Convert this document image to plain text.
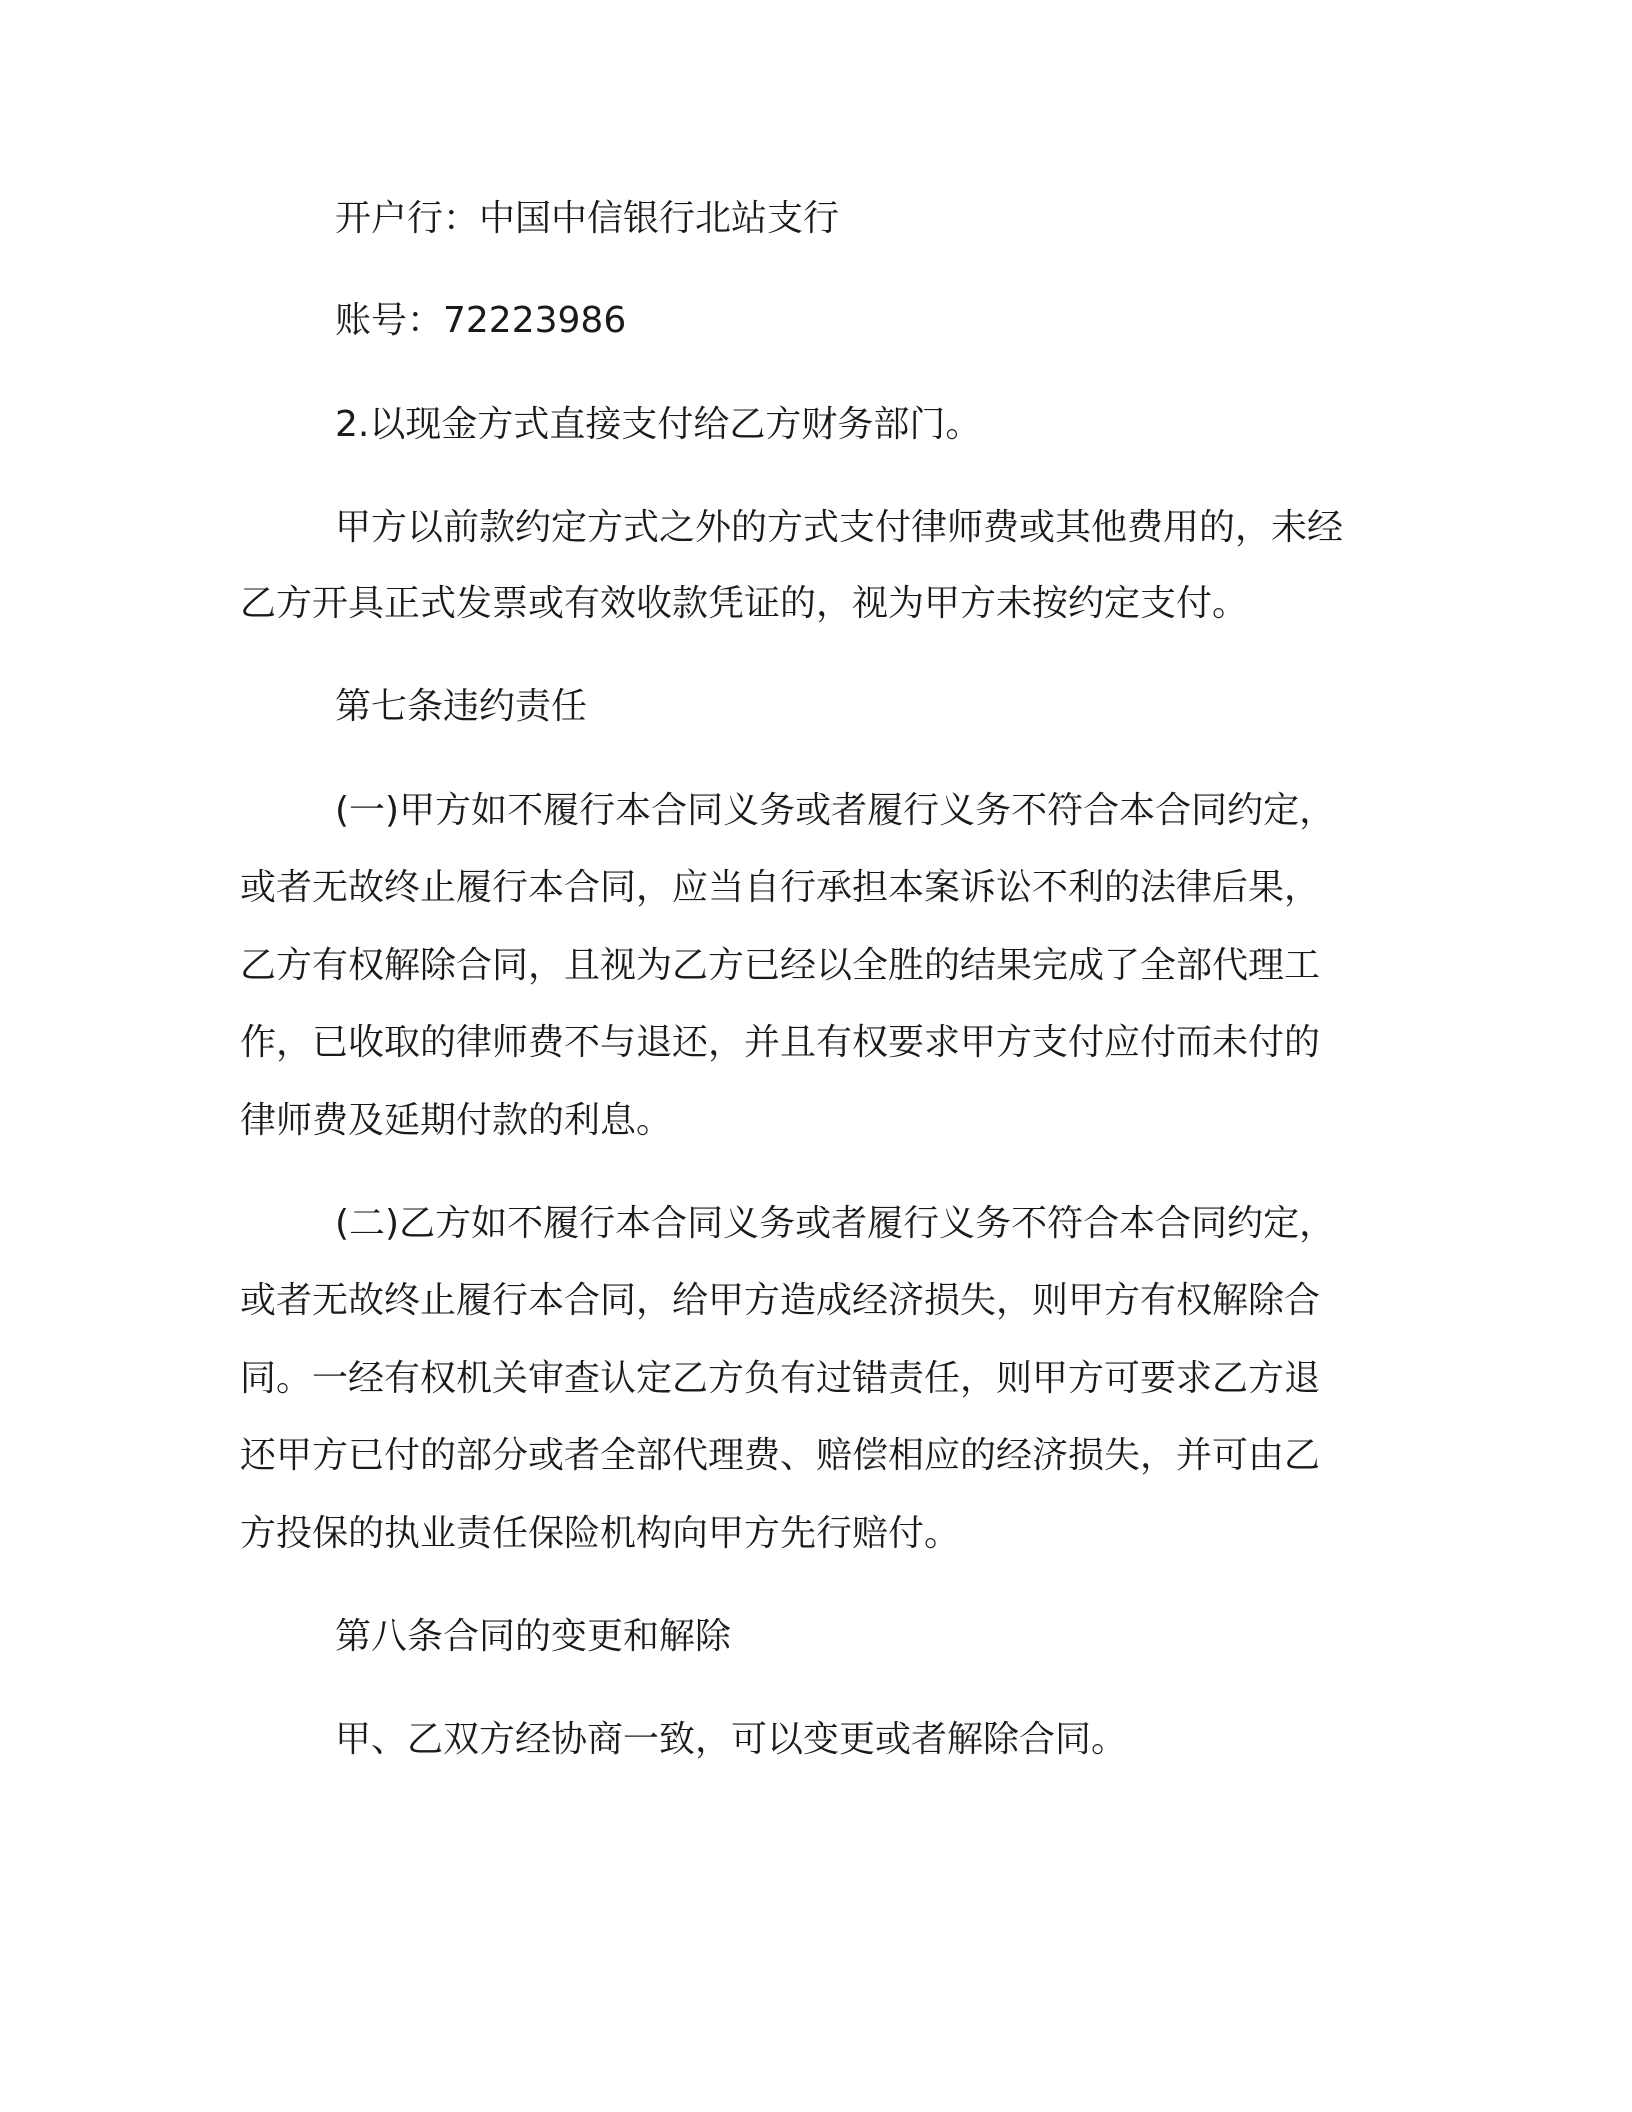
开户行：中国中信银行北站支行

账号：72223986

2.以现金方式直接支付给乙方财务部门。

甲方以前款约定方式之外的方式支付律师费或其他费用的，未经

乙方开具正式发票或有效收款凭证的，视为甲方未按约定支付。

第七条违约责任

(一)甲方如不履行本合同义务或者履行义务不符合本合同约定，

或者无故终止履行本合同，应当自行承担本案诉讼不利的法律后果，

乙方有权解除合同，且视为乙方已经以全胜的结果完成了全部代理工

作，已收取的律师费不与退还，并且有权要求甲方支付应付而未付的

律师费及延期付款的利息。

(二)乙方如不履行本合同义务或者履行义务不符合本合同约定，

或者无故终止履行本合同，给甲方造成经济损失，则甲方有权解除合

同。一经有权机关审查认定乙方负有过错责任，则甲方可要求乙方退

还甲方已付的部分或者全部代理费、赔偿相应的经济损失，并可由乙

方投保的执业责任保险机构向甲方先行赔付。

第八条合同的变更和解除

甲、乙双方经协商一致，可以变更或者解除合同。
